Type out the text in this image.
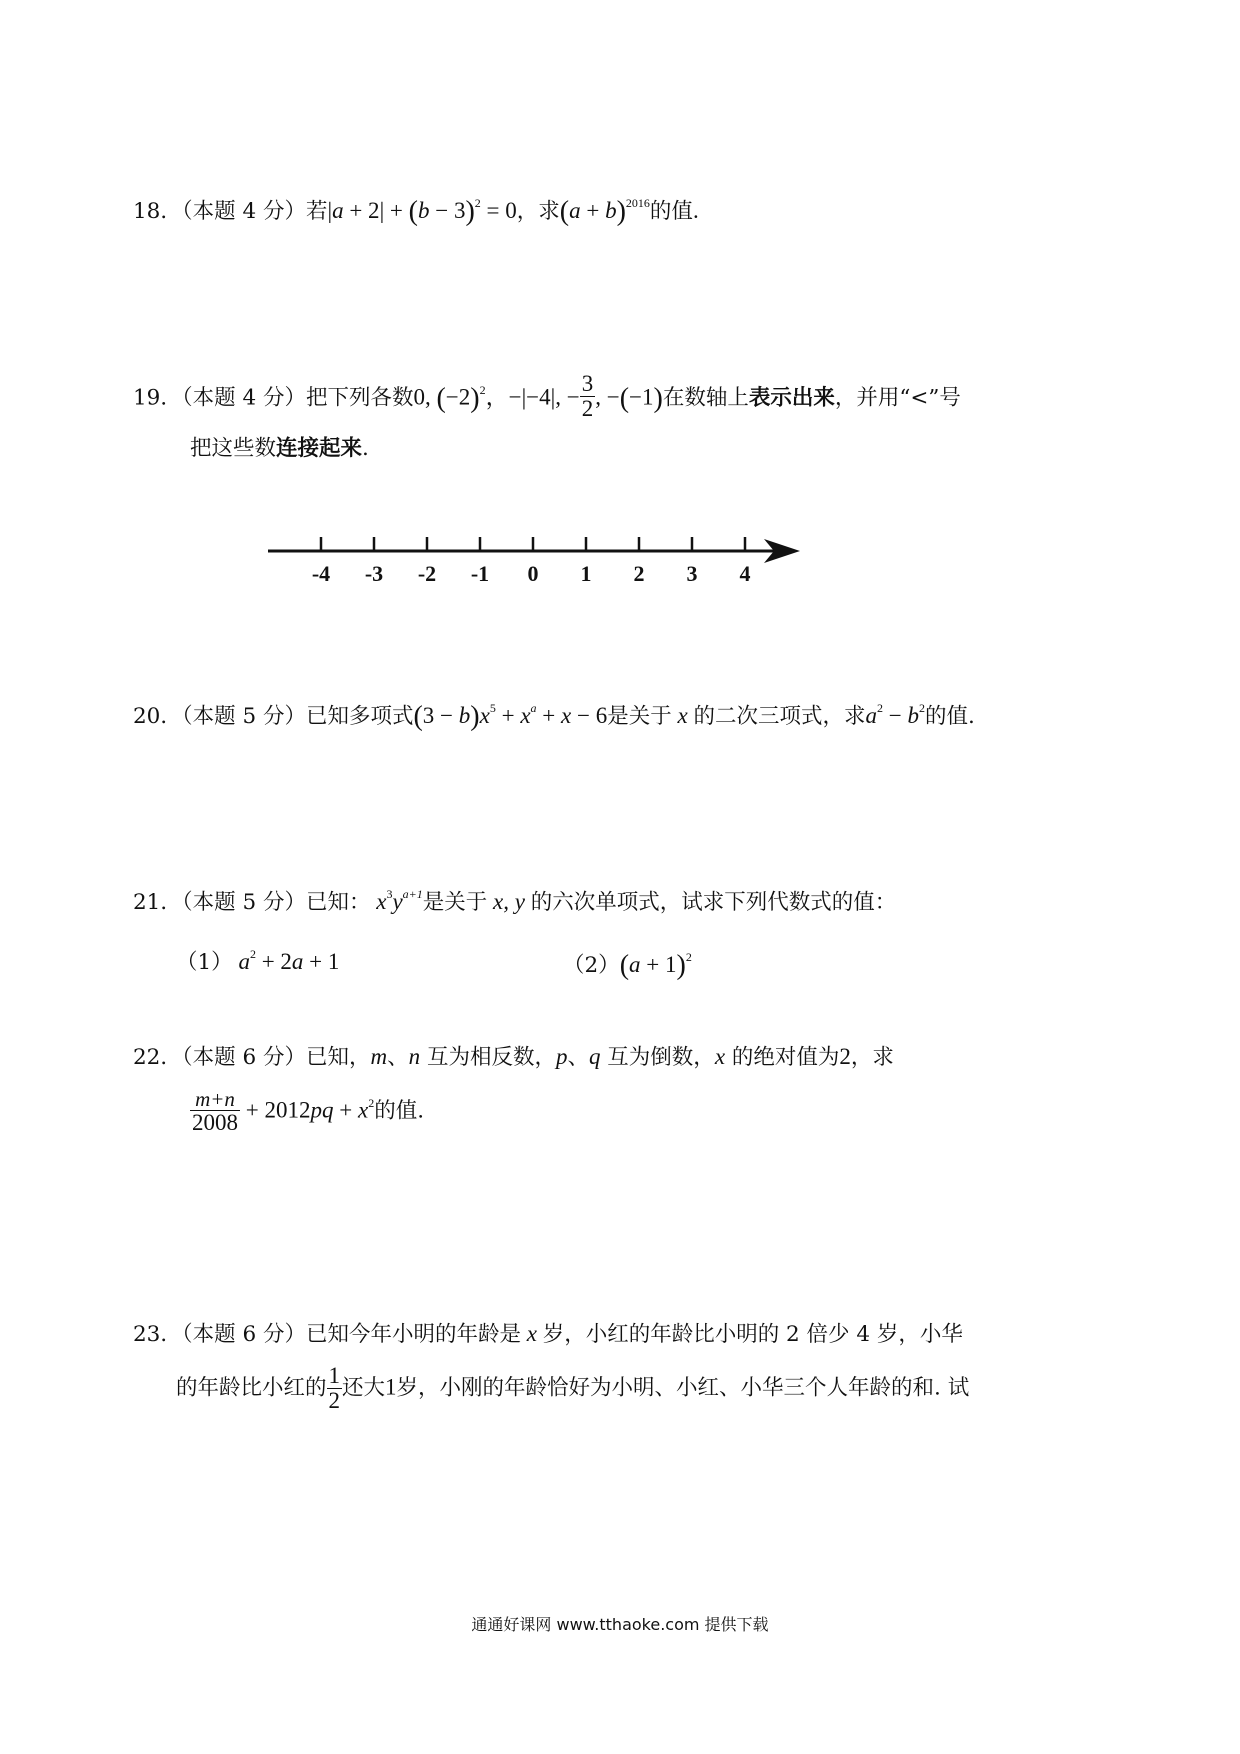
18．（本题 4 分）若$|a + 2| + (b - 3)^2 = 0$，求$(a + b)^{2016}$的值.
19．（本题 4 分）把下列各数0, $(-2)^2$，−|−4|, − $\frac{3}{2}$ , −(−1)在数轴上表示出来，并用“<”号
把这些数连接起来.
-4 -3 -2 -1 0 1 2 3 4
20．（本题 5 分）已知多项式$(3 - b)x^5 + x^a + x - 6$是关于 x 的二次三项式，求$a^2 - b^2$的值.
21．（本题 5 分）已知： $x^3y^{a+1}$是关于 x, y 的六次单项式，试求下列代数式的值：
（1） $a^2 + 2a + 1$	$(2)(a + 1)^2$
22．（本题 6 分）已知，m、n 互为相反数，p、q 互为倒数，x 的绝对值为2，求
$\frac{m+n}{2008} + 2012pq + x^2$的值.
23．（本题 6 分）已知今年小明的年龄是 x 岁，小红的年龄比小明的 2 倍少 4 岁，小华
的年龄比小红的 $\frac{1}{2}$ 还大1岁，小刚的年龄恰好为小明、小红、小华三个人年龄的和. 试
通通好课网 www.tthaoke.com 提供下载
